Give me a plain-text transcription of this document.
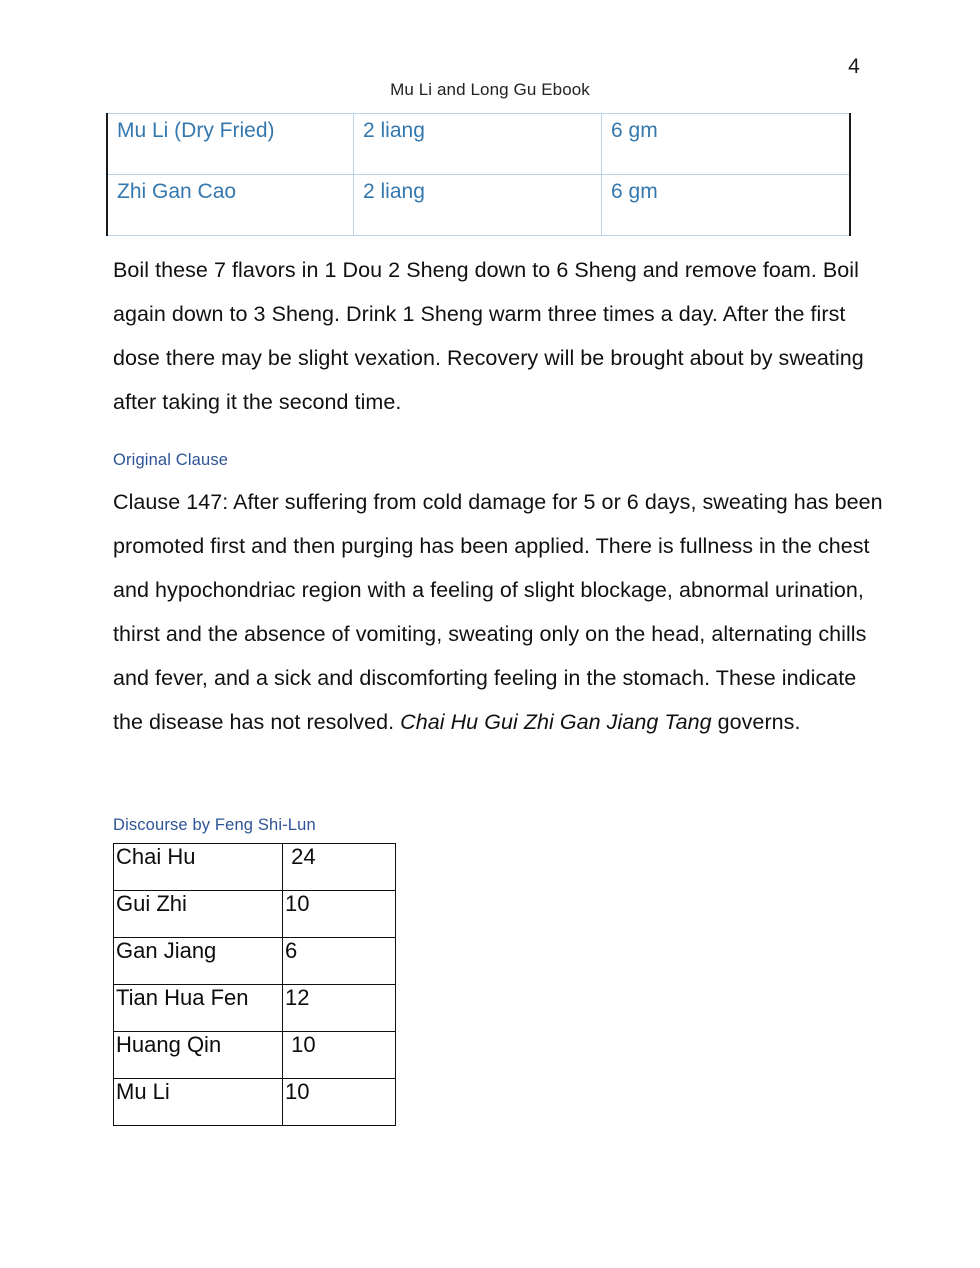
4
Mu Li and Long Gu Ebook
Mu Li (Dry Fried)	2 liang	6 gm
Zhi Gan Cao	2 liang	6 gm
Boil these 7 flavors in 1 Dou 2 Sheng down to 6 Sheng and remove foam. Boil again down to 3 Sheng. Drink 1 Sheng warm three times a day. After the first dose there may be slight vexation. Recovery will be brought about by sweating after taking it the second time.
Original Clause
Clause 147: After suffering from cold damage for 5 or 6 days, sweating has been promoted first and then purging has been applied. There is fullness in the chest and hypochondriac region with a feeling of slight blockage, abnormal urination, thirst and the absence of vomiting, sweating only on the head, alternating chills and fever, and a sick and discomforting feeling in the stomach. These indicate the disease has not resolved. Chai Hu Gui Zhi Gan Jiang Tang governs.
Discourse by Feng Shi-Lun
Chai Hu	24
Gui Zhi	10
Gan Jiang	6
Tian Hua Fen	12
Huang Qin	10
Mu Li	10
